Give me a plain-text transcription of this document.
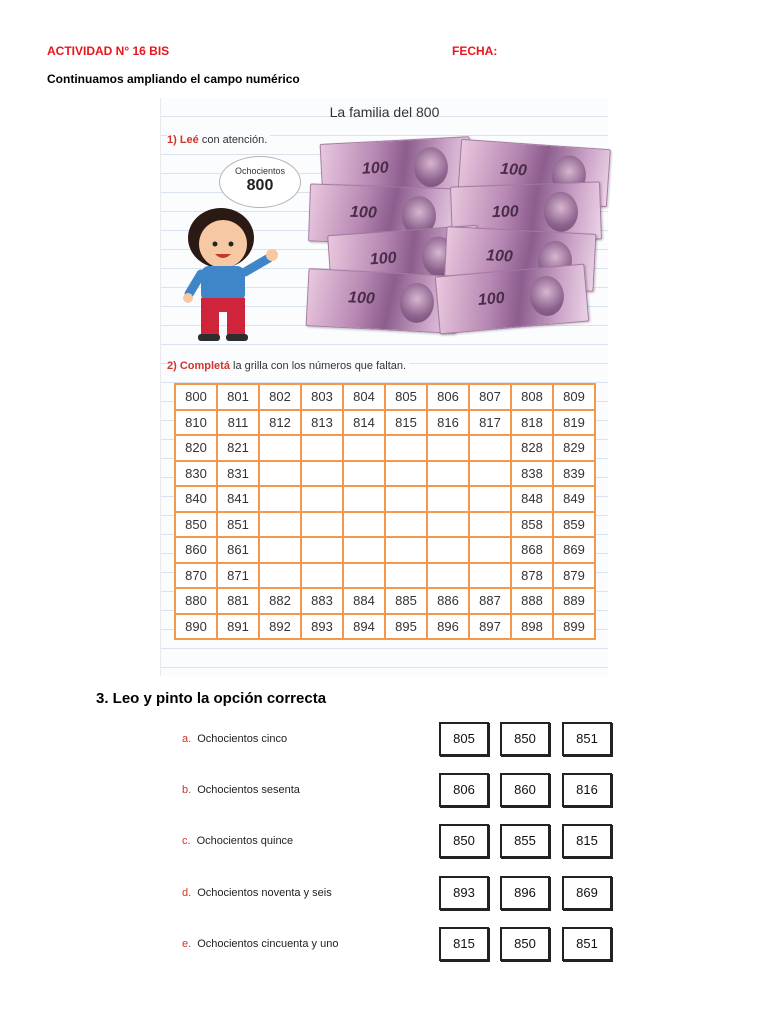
ACTIVIDAD N° 16 BIS	FECHA:
Continuamos ampliando el campo numérico
La familia del 800
1) Leé con atención.
Ochocientos
800
100	100
100	100
100	100
100	100
2) Completá la grilla con los números que faltan.
800	801	802	803	804	805	806	807	808	809
810	811	812	813	814	815	816	817	818	819
820	821							828	829
830	831							838	839
840	841							848	849
850	851							858	859
860	861							868	869
870	871							878	879
880	881	882	883	884	885	886	887	888	889
890	891	892	893	894	895	896	897	898	899
3. Leo y pinto la opción correcta
a. Ochocientos cinco	805	850	851
b. Ochocientos sesenta	806	860	816
c. Ochocientos quince	850	855	815
d. Ochocientos noventa y seis	893	896	869
e. Ochocientos cincuenta y uno	815	850	851
